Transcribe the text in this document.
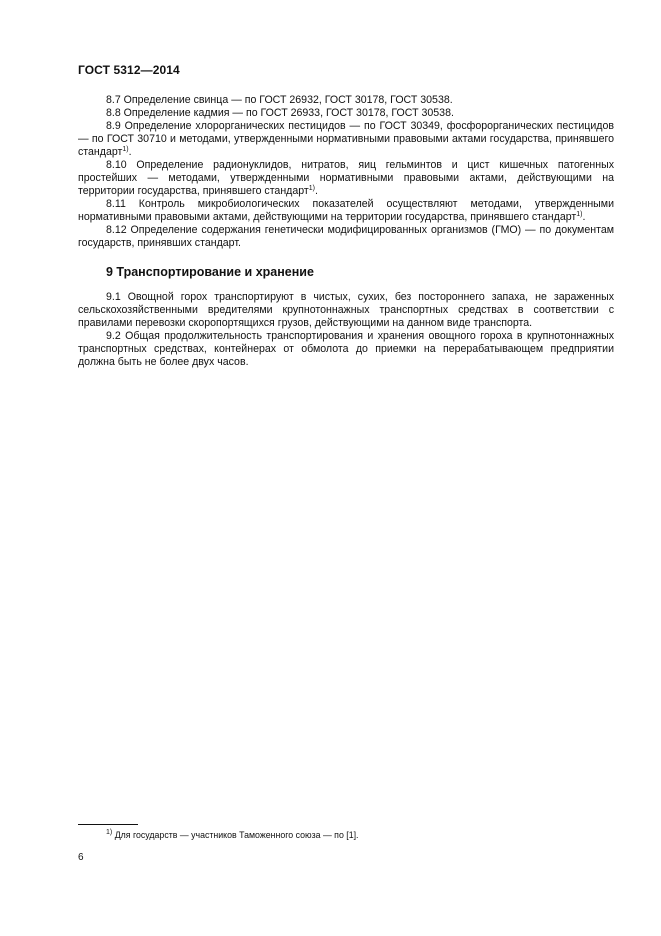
ГОСТ 5312—2014

8.7 Определение свинца — по ГОСТ 26932, ГОСТ 30178, ГОСТ 30538.

8.8 Определение кадмия — по ГОСТ 26933, ГОСТ 30178, ГОСТ 30538.

8.9 Определение хлорорганических пестицидов — по ГОСТ 30349, фосфорорганических пестицидов — по ГОСТ 30710 и методами, утвержденными нормативными правовыми актами государства, принявшего стандарт$^{1)}$.

8.10 Определение радионуклидов, нитратов, яиц гельминтов и цист кишечных патогенных простейших — методами, утвержденными нормативными правовыми актами, действующими на территории государства, принявшего стандарт$^{1)}$.

8.11 Контроль микробиологических показателей осуществляют методами, утвержденными нормативными правовыми актами, действующими на территории государства, принявшего стандарт$^{1)}$.

8.12 Определение содержания генетически модифицированных организмов (ГМО) — по документам государств, принявших стандарт.

9 Транспортирование и хранение

9.1 Овощной горох транспортируют в чистых, сухих, без постороннего запаха, не зараженных сельскохозяйственными вредителями крупнотоннажных транспортных средствах в соответствии с правилами перевозки скоропортящихся грузов, действующими на данном виде транспорта.

9.2 Общая продолжительность транспортирования и хранения овощного гороха в крупнотоннажных транспортных средствах, контейнерах от обмолота до приемки на перерабатывающем предприятии должна быть не более двух часов.

$^{1)}$ Для государств — участников Таможенного союза — по [1].
6
